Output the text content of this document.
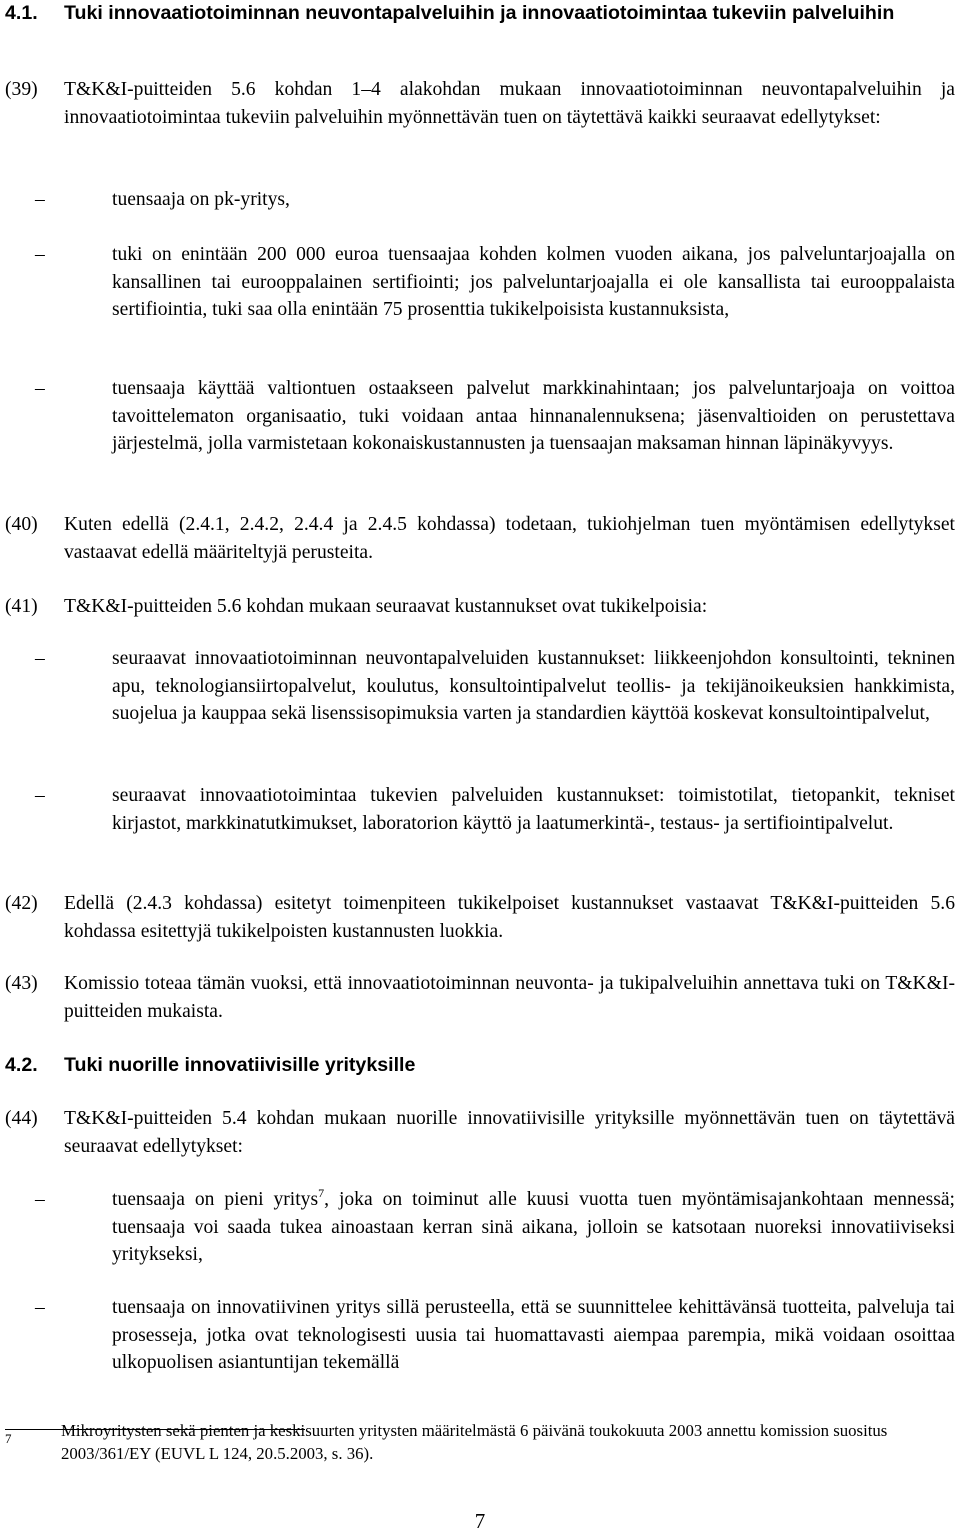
4.1. Tuki innovaatiotoiminnan neuvontapalveluihin ja innovaatiotoimintaa tukeviin palveluihin
(39) T&K&I-puitteiden 5.6 kohdan 1–4 alakohdan mukaan innovaatiotoiminnan neuvontapalveluihin ja innovaatiotoimintaa tukeviin palveluihin myönnettävän tuen on täytettävä kaikki seuraavat edellytykset:
–	tuensaaja on pk-yritys,
–	tuki on enintään 200 000 euroa tuensaajaa kohden kolmen vuoden aikana, jos palveluntarjoajalla on kansallinen tai eurooppalainen sertifiointi; jos palveluntarjoajalla ei ole kansallista tai eurooppalaista sertifiointia, tuki saa olla enintään 75 prosenttia tukikelpoisista kustannuksista,
–	tuensaaja käyttää valtiontuen ostaakseen palvelut markkinahintaan; jos palveluntarjoaja on voittoa tavoittelematon organisaatio, tuki voidaan antaa hinnanalennuksena; jäsenvaltioiden on perustettava järjestelmä, jolla varmistetaan kokonaiskustannusten ja tuensaajan maksaman hinnan läpinäkyvyys.
(40) Kuten edellä (2.4.1, 2.4.2, 2.4.4 ja 2.4.5 kohdassa) todetaan, tukiohjelman tuen myöntämisen edellytykset vastaavat edellä määriteltyjä perusteita.
(41) T&K&I-puitteiden 5.6 kohdan mukaan seuraavat kustannukset ovat tukikelpoisia:
–	seuraavat innovaatiotoiminnan neuvontapalveluiden kustannukset: liikkeenjohdon konsultointi, tekninen apu, teknologiansiirtopalvelut, koulutus, konsultointipalvelut teollis- ja tekijänoikeuksien hankkimista, suojelua ja kauppaa sekä lisenssisopimuksia varten ja standardien käyttöä koskevat konsultointipalvelut,
–	seuraavat innovaatiotoimintaa tukevien palveluiden kustannukset: toimistotilat, tietopankit, tekniset kirjastot, markkinatutkimukset, laboratorion käyttö ja laatumerkintä-, testaus- ja sertifiointipalvelut.
(42) Edellä (2.4.3 kohdassa) esitetyt toimenpiteen tukikelpoiset kustannukset vastaavat T&K&I-puitteiden 5.6 kohdassa esitettyjä tukikelpoisten kustannusten luokkia.
(43) Komissio toteaa tämän vuoksi, että innovaatiotoiminnan neuvonta- ja tukipalveluihin annettava tuki on T&K&I-puitteiden mukaista.
4.2. Tuki nuorille innovatiivisille yrityksille
(44) T&K&I-puitteiden 5.4 kohdan mukaan nuorille innovatiivisille yrityksille myönnettävän tuen on täytettävä seuraavat edellytykset:
–	tuensaaja on pieni yritys$^7$, joka on toiminut alle kuusi vuotta tuen myöntämisajankohtaan mennessä; tuensaaja voi saada tukea ainoastaan kerran sinä aikana, jolloin se katsotaan nuoreksi innovatiiviseksi yritykseksi,
–	tuensaaja on innovatiivinen yritys sillä perusteella, että se suunnittelee kehittävänsä tuotteita, palveluja tai prosesseja, jotka ovat teknologisesti uusia tai huomattavasti aiempaa parempia, mikä voidaan osoittaa ulkopuolisen asiantuntijan tekemällä
7	Mikroyritysten sekä pienten ja keskisuurten yritysten määritelmästä 6 päivänä toukokuuta 2003 annettu komission suositus 2003/361/EY (EUVL L 124, 20.5.2003, s. 36).
7
